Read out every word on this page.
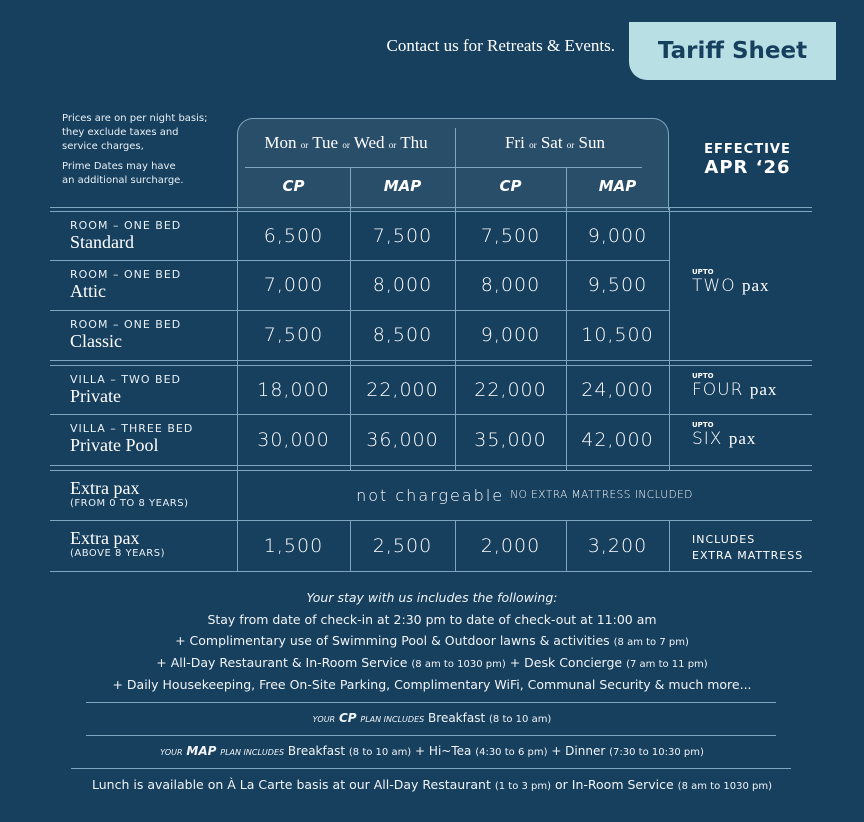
Contact us for Retreats & Events.	Tariff Sheet
Prices are on per night basis;
they exclude taxes and
service charges,
Prime Dates may have
an additional surcharge.
Mon or Tue or Wed or Thu	Fri or Sat or Sun
CP	MAP	CP	MAP
EFFECTIVE
APR ‘26
ROOM – ONE BED
Standard	6,500	7,500	7,500	9,000
ROOM – ONE BED
Attic	7,000	8,000	8,000	9,500
UPTO
TWO pax
ROOM – ONE BED
Classic	7,500	8,500	9,000	10,500
VILLA – TWO BED
Private	18,000	22,000	22,000	24,000
UPTO
FOUR pax
VILLA – THREE BED
Private Pool	30,000	36,000	35,000	42,000
UPTO
SIX pax
Extra pax
(FROM 0 TO 8 YEARS)	not chargeable
NO EXTRA MATTRESS INCLUDED
Extra pax
(ABOVE 8 YEARS)	1,500	2,500	2,000	3,200	INCLUDES
EXTRA MATTRESS
Your stay with us includes the following:
Stay from date of check-in at 2:30 pm to date of check-out at 11:00 am
+ Complimentary use of Swimming Pool & Outdoor lawns & activities (8 am to 7 pm)
+ All-Day Restaurant & In-Room Service (8 am to 1030 pm) + Desk Concierge (7 am to 11 pm)
+ Daily Housekeeping, Free On-Site Parking, Complimentary WiFi, Communal Security & much more...
YOUR CP PLAN INCLUDES Breakfast (8 to 10 am)
YOUR MAP PLAN INCLUDES Breakfast (8 to 10 am) + Hi~Tea (4:30 to 6 pm) + Dinner (7:30 to 10:30 pm)
Lunch is available on À La Carte basis at our All-Day Restaurant (1 to 3 pm) or In-Room Service (8 am to 1030 pm)
